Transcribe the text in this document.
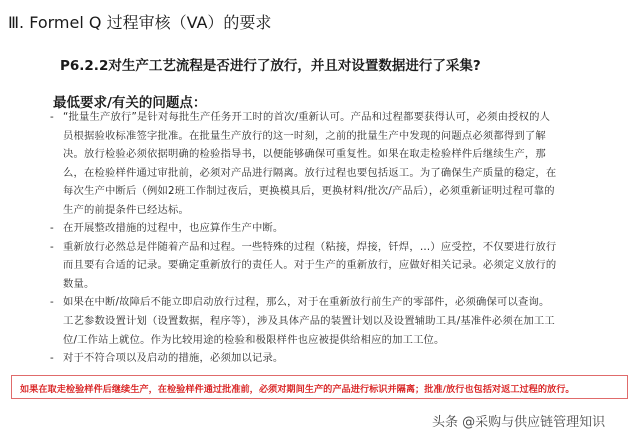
Ⅲ. Formel Q 过程审核（VA）的要求
P6.2.2对生产工艺流程是否进行了放行，并且对设置数据进行了采集?
最低要求/有关的问题点：
- “批量生产放行”是针对每批生产任务开工时的首次/重新认可。产品和过程都要获得认可，必须由授权的人员根据验收标准签字批准。在批量生产放行的这一时刻，之前的批量生产中发现的问题点必须都得到了解决。放行检验必须依据明确的检验指导书，以便能够确保可重复性。如果在取走检验样件后继续生产，那么，在检验样件通过审批前，必须对产品进行隔离。放行过程也要包括返工。为了确保生产质量的稳定，在每次生产中断后（例如2班工作制过夜后，更换模具后，更换材料/批次/产品后），必须重新证明过程可靠的生产的前提条件已经达标。
- 在开展整改措施的过程中，也应算作生产中断。
- 重新放行必然总是伴随着产品和过程。一些特殊的过程（粘接，焊接，钎焊，…）应受控，不仅要进行放行而且要有合适的记录。要确定重新放行的责任人。对于生产的重新放行，应做好相关记录。必须定义放行的数量。
- 如果在中断/故障后不能立即启动放行过程，那么，对于在重新放行前生产的零部件，必须确保可以查询。工艺参数设置计划（设置数据，程序等），涉及具体产品的装置计划以及设置辅助工具/基准件必须在加工工位/工作站上就位。作为比较用途的检验和极限样件也应被提供给相应的加工工位。
- 对于不符合项以及启动的措施，必须加以记录。
如果在取走检验样件后继续生产，在检验样件通过批准前，必须对期间生产的产品进行标识并隔离；批准/放行也包括对返工过程的放行。
头条 @采购与供应链管理知识
